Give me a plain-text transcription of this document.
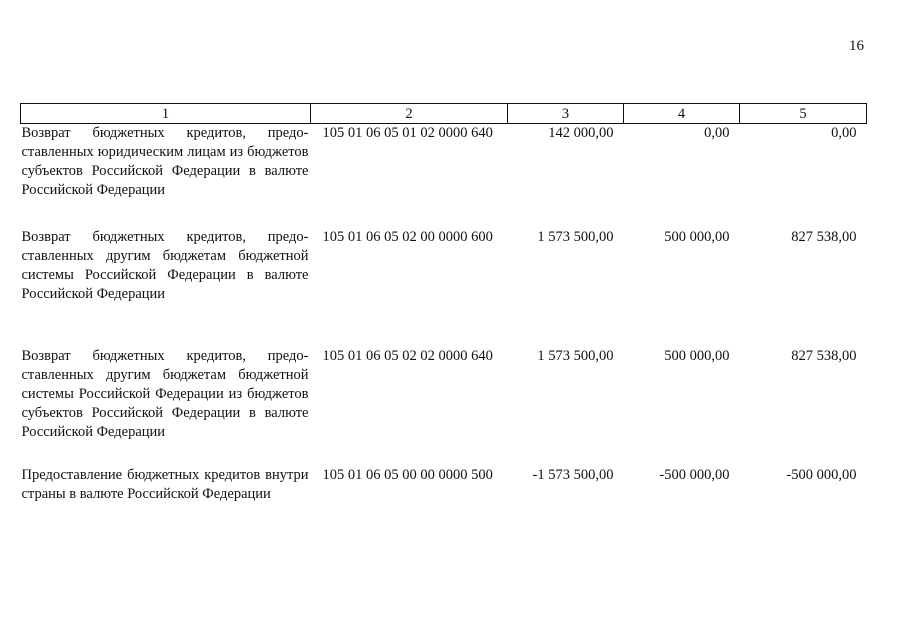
16
1	2	3	4	5
Возврат бюджетных кредитов, предо-ставленных юридическим лицам из бюджетов субъектов Российской Федерации в валюте Российской Федерации	105 01 06 05 01 02 0000 640	142 000,00	0,00	0,00
Возврат бюджетных кредитов, предо-ставленных другим бюджетам бюджетной системы Российской Федерации в валюте Российской Федерации	105 01 06 05 02 00 0000 600	1 573 500,00	500 000,00	827 538,00
Возврат бюджетных кредитов, предо-ставленных другим бюджетам бюджетной системы Российской Федерации из бюджетов субъектов Российской Федерации в валюте Российской Федерации	105 01 06 05 02 02 0000 640	1 573 500,00	500 000,00	827 538,00
Предоставление бюджетных кредитов внутри страны в валюте Российской Федерации	105 01 06 05 00 00 0000 500	-1 573 500,00	-500 000,00	-500 000,00
